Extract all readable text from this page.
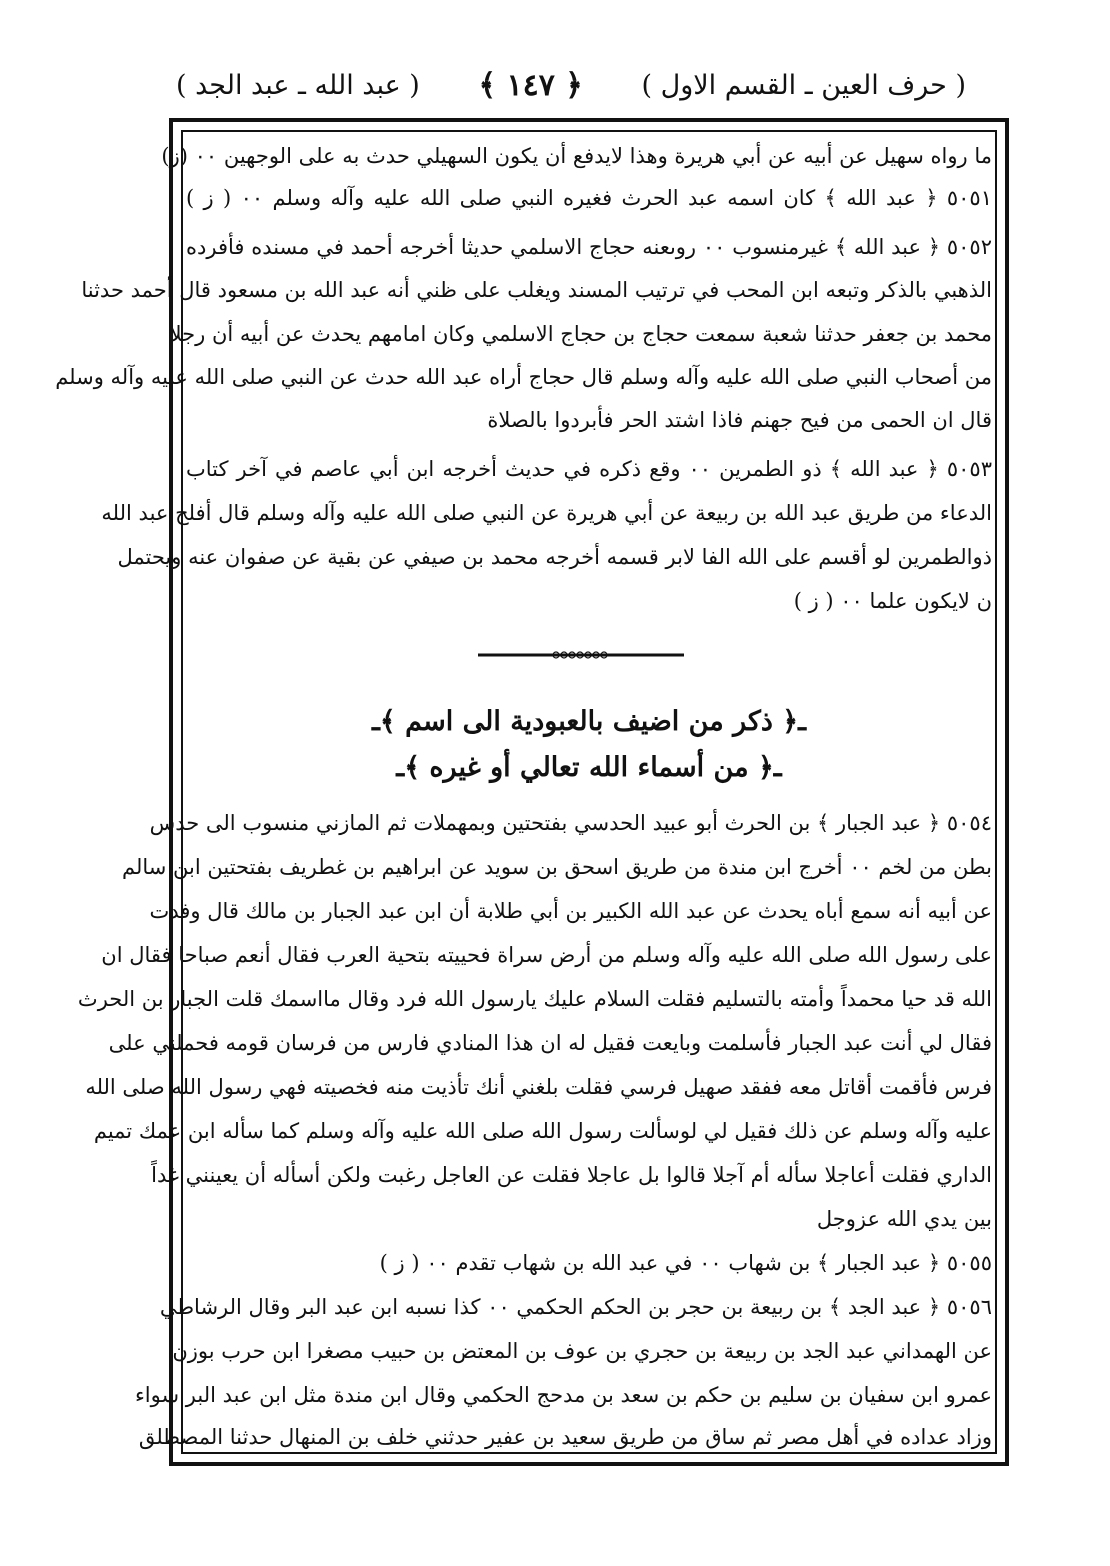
( حرف العين ـ القسم الاول )
﴿ ١٤٧ ﴾
( عبد الله ـ عبد الجد )
ما رواه سهيل عن أبيه عن أبي هريرة وهذا لايدفع أن يكون السهيلي حدث به على الوجهين ٠٠ (ز)
٥٠٥١ ﴿ عبد الله ﴾ كان اسمه عبد الحرث فغيره النبي صلى الله عليه وآله وسلم ٠٠ ( ز )
٥٠٥٢ ﴿ عبد الله ﴾ غيرمنسوب ٠٠ روىعنه حجاج الاسلمي حديثا أخرجه أحمد في مسنده فأفرده
الذهبي بالذكر وتبعه ابن المحب في ترتيب المسند ويغلب على ظني أنه عبد الله بن مسعود قال أحمد حدثنا
محمد بن جعفر حدثنا شعبة سمعت حجاج بن حجاج الاسلمي وكان امامهم يحدث عن أبيه أن رجلا
من أصحاب النبي صلى الله عليه وآله وسلم قال حجاج أراه عبد الله حدث عن النبي صلى الله عليه وآله وسلم
قال ان الحمى من فيح جهنم فاذا اشتد الحر فأبردوا بالصلاة
٥٠٥٣ ﴿ عبد الله ﴾ ذو الطمرين ٠٠ وقع ذكره في حديث أخرجه ابن أبي عاصم في آخر كتاب
الدعاء من طريق عبد الله بن ربيعة عن أبي هريرة عن النبي صلى الله عليه وآله وسلم قال أفلح عبد الله
ذوالطمرين لو أقسم على الله الفا لابر قسمه أخرجه محمد بن صيفي عن بقية عن صفوان عنه ويحتمل
ن لايكون علما ٠٠ ( ز )
ـ﴿ ذكر من اضيف بالعبودية الى اسم ﴾ـ
ـ﴿ من أسماء الله تعالي أو غيره ﴾ـ
٥٠٥٤ ﴿ عبد الجبار ﴾ بن الحرث أبو عبيد الحدسي بفتحتين وبمهملات ثم المازني منسوب الى حدس
بطن من لخم ٠٠ أخرج ابن مندة من طريق اسحق بن سويد عن ابراهيم بن غطريف بفتحتين ابن سالم
عن أبيه أنه سمع أباه يحدث عن عبد الله الكبير بن أبي طلابة أن ابن عبد الجبار بن مالك قال وفدت
على رسول الله صلى الله عليه وآله وسلم من أرض سراة فحييته بتحية العرب فقال أنعم صباحا فقال ان
الله قد حيا محمداً وأمته بالتسليم فقلت السلام عليك يارسول الله فرد وقال مااسمك قلت الجبار بن الحرث
فقال لي أنت عبد الجبار فأسلمت وبايعت فقيل له ان هذا المنادي فارس من فرسان قومه فحملني على
فرس فأقمت أقاتل معه ففقد صهيل فرسي فقلت بلغني أنك تأذيت منه فخصيته فهي رسول الله صلى الله
عليه وآله وسلم عن ذلك فقيل لي لوسألت رسول الله صلى الله عليه وآله وسلم كما سأله ابن عمك تميم
الداري فقلت أعاجلا سأله أم آجلا قالوا بل عاجلا فقلت عن العاجل رغبت ولكن أسأله أن يعينني غداً
بين يدي الله عزوجل
٥٠٥٥ ﴿ عبد الجبار ﴾ بن شهاب ٠٠ في عبد الله بن شهاب تقدم ٠٠ ( ز )
٥٠٥٦ ﴿ عبد الجد ﴾ بن ربيعة بن حجر بن الحكم الحكمي ٠٠ كذا نسبه ابن عبد البر وقال الرشاطي
عن الهمداني عبد الجد بن ربيعة بن حجري بن عوف بن المعتض بن حبيب مصغرا ابن حرب بوزن
عمرو ابن سفيان بن سليم بن حكم بن سعد بن مدحج الحكمي وقال ابن مندة مثل ابن عبد البر سواء
وزاد عداده في أهل مصر ثم ساق من طريق سعيد بن عفير حدثني خلف بن المنهال حدثنا المصطلق
